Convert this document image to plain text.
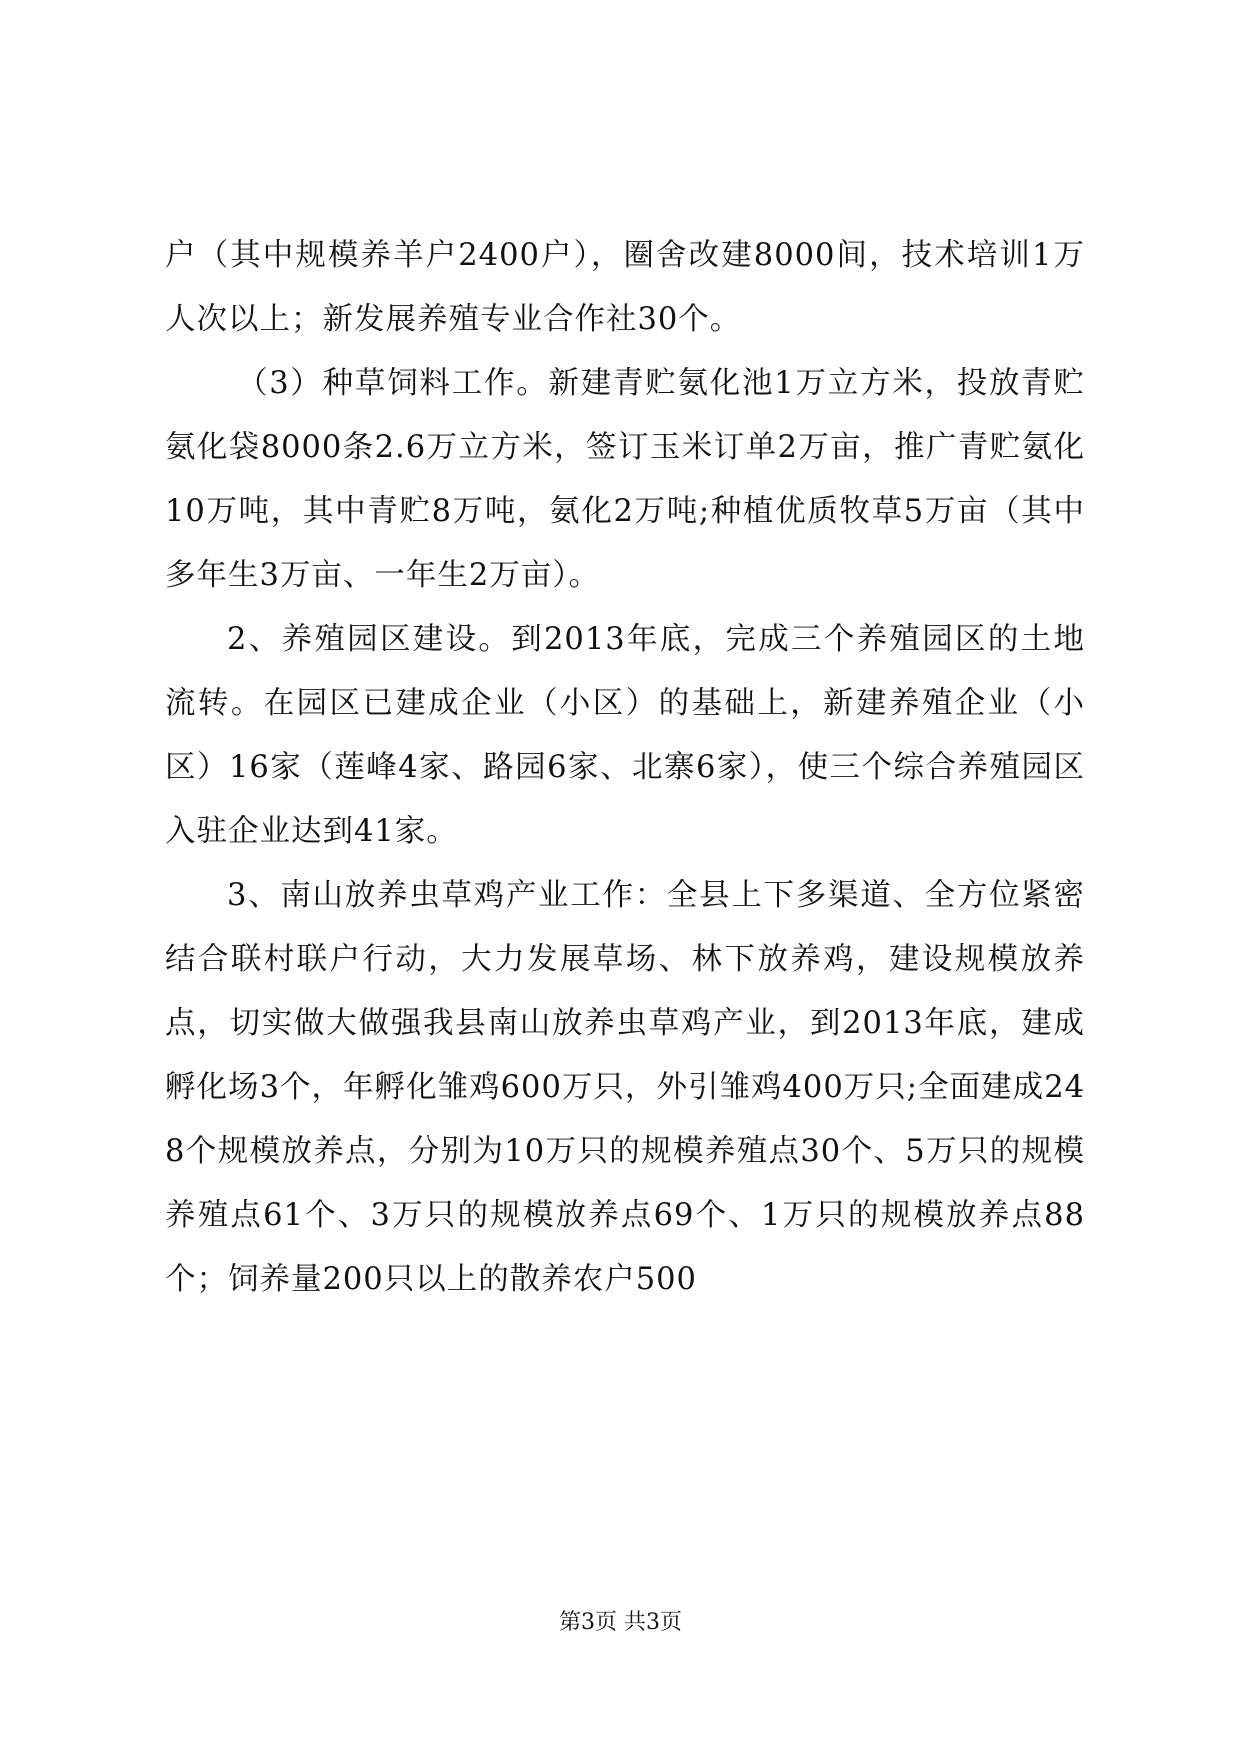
户（其中规模养羊户2400户），圈舍改建8000间，技术培训1万人次以上；新发展养殖专业合作社30个。

（3）种草饲料工作。新建青贮氨化池1万立方米，投放青贮氨化袋8000条2.6万立方米，签订玉米订单2万亩，推广青贮氨化10万吨，其中青贮8万吨，氨化2万吨;种植优质牧草5万亩（其中多年生3万亩、一年生2万亩）。

2、养殖园区建设。到2013年底，完成三个养殖园区的土地流转。在园区已建成企业（小区）的基础上，新建养殖企业（小区）16家（莲峰4家、路园6家、北寨6家），使三个综合养殖园区入驻企业达到41家。

3、南山放养虫草鸡产业工作：全县上下多渠道、全方位紧密结合联村联户行动，大力发展草场、林下放养鸡，建设规模放养点，切实做大做强我县南山放养虫草鸡产业，到2013年底，建成孵化场3个，年孵化雏鸡600万只，外引雏鸡400万只;全面建成248个规模放养点，分别为10万只的规模养殖点30个、5万只的规模养殖点61个、3万只的规模放养点69个、1万只的规模放养点88个；饲养量200只以上的散养农户500

第3页 共3页
